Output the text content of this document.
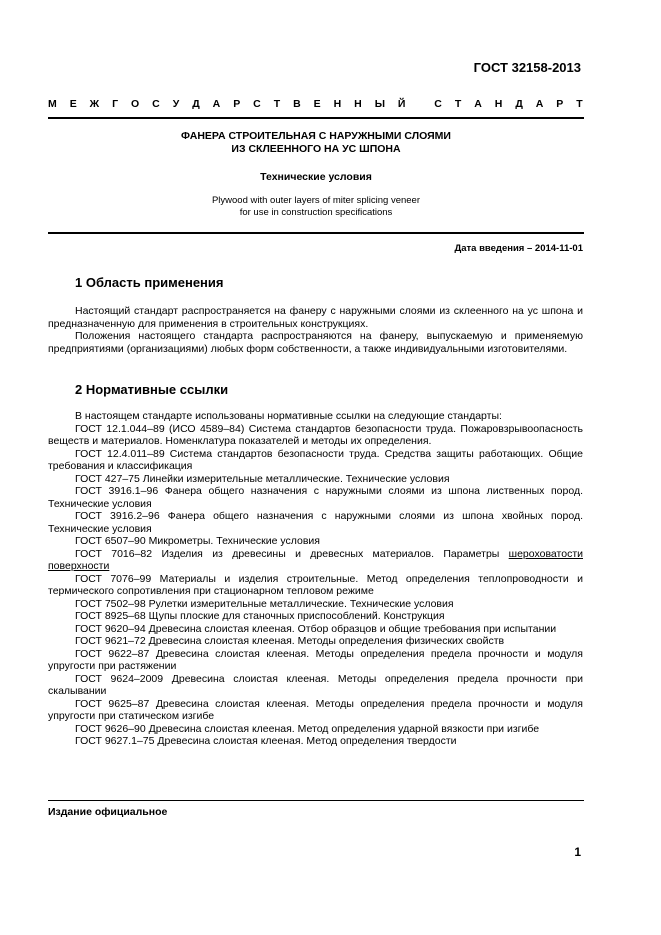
ГОСТ 32158-2013
М Е Ж Г О С У Д А Р С Т В Е Н Н Ы Й
	С Т А Н Д А Р Т
ФАНЕРА СТРОИТЕЛЬНАЯ С НАРУЖНЫМИ СЛОЯМИ
ИЗ СКЛЕЕННОГО НА УС ШПОНА
Технические условия
Plywood with outer layers of miter splicing veneer
for use in construction specifications
Дата введения – 2014-11-01
1 Область применения

Настоящий стандарт распространяется на фанеру с наружными слоями из склеенного на ус шпона и предназначенную для применения в строительных конструкциях.

Положения настоящего стандарта распространяются на фанеру, выпускаемую и применяемую предприятиями (организациями) любых форм собственности, а также индивидуальными изготовителями.

2 Нормативные ссылки

В настоящем стандарте использованы нормативные ссылки на следующие стандарты:

ГОСТ 12.1.044–89 (ИСО 4589–84) Система стандартов безопасности труда. Пожаровзрывоопасность веществ и материалов. Номенклатура показателей и методы их определения.

ГОСТ 12.4.011–89 Система стандартов безопасности труда. Средства защиты работающих. Общие требования и классификация

ГОСТ 427–75 Линейки измерительные металлические. Технические условия

ГОСТ 3916.1–96 Фанера общего назначения с наружными слоями из шпона лиственных пород. Технические условия

ГОСТ 3916.2–96 Фанера общего назначения с наружными слоями из шпона хвойных пород. Технические условия

ГОСТ 6507–90 Микрометры. Технические условия

ГОСТ 7016–82 Изделия из древесины и древесных материалов. Параметры шероховатости поверхности

ГОСТ 7076–99 Материалы и изделия строительные. Метод определения теплопроводности и термического сопротивления при стационарном тепловом режиме

ГОСТ 7502–98 Рулетки измерительные металлические. Технические условия

ГОСТ 8925–68 Щупы плоские для станочных приспособлений. Конструкция

ГОСТ 9620–94 Древесина слоистая клееная. Отбор образцов и общие требования при испытании

ГОСТ 9621–72 Древесина слоистая клееная. Методы определения физических свойств

ГОСТ 9622–87 Древесина слоистая клееная. Методы определения предела прочности и модуля упругости при растяжении

ГОСТ 9624–2009 Древесина слоистая клееная. Методы определения предела прочности при скалывании

ГОСТ 9625–87 Древесина слоистая клееная. Методы определения предела прочности и модуля упругости при статическом изгибе

ГОСТ 9626–90 Древесина слоистая клееная. Метод определения ударной вязкости при изгибе

ГОСТ 9627.1–75 Древесина слоистая клееная. Метод определения твердости

Издание официальное
1
